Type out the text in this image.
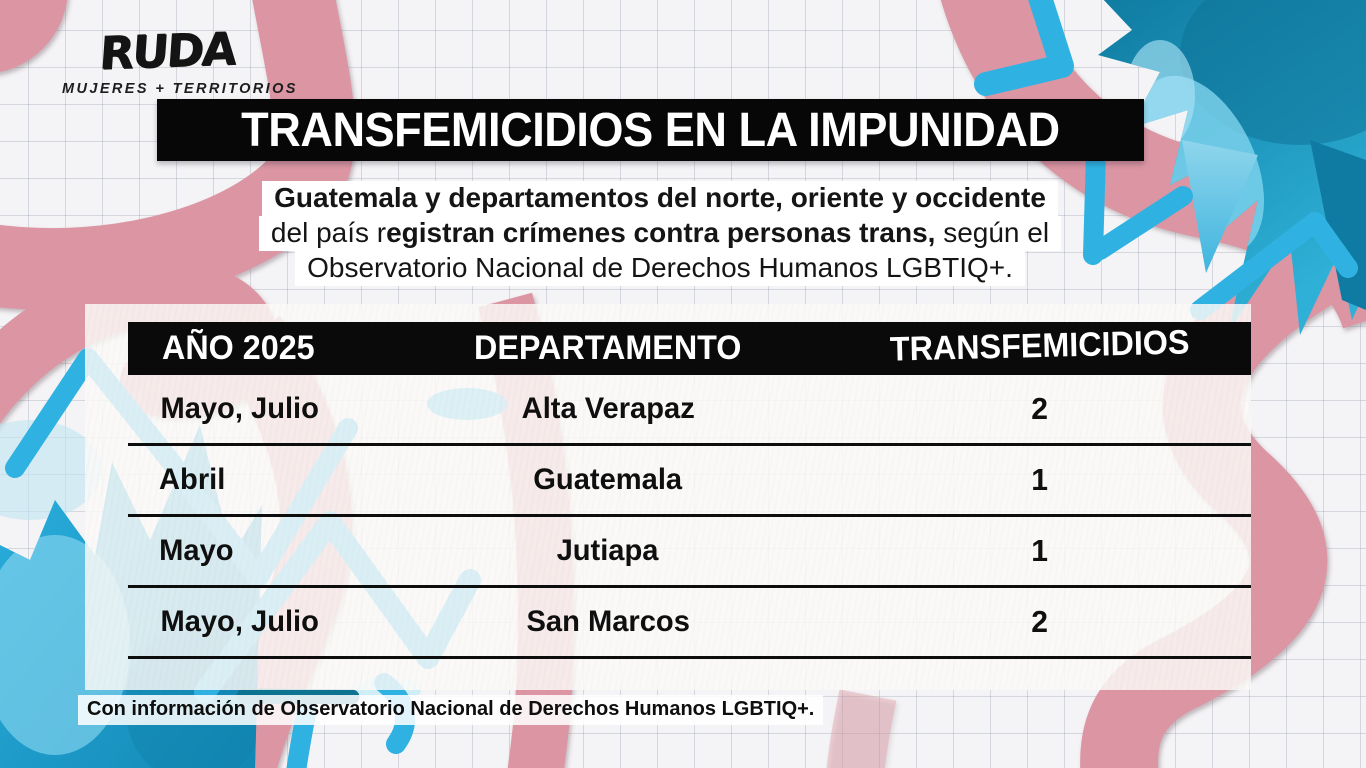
RUDA
MUJERES + TERRITORIOS
TRANSFEMICIDIOS EN LA IMPUNIDAD
Guatemala y departamentos del norte, oriente y occidente
del país registran crímenes contra personas trans, según el
Observatorio Nacional de Derechos Humanos LGBTIQ+.
AÑO 2025	DEPARTAMENTO	TRANSFEMICIDIOS
Mayo, Julio	Alta Verapaz	2
Abril	Guatemala	1
Mayo	Jutiapa	1
Mayo, Julio	San Marcos	2
Con información de Observatorio Nacional de Derechos Humanos LGBTIQ+.
